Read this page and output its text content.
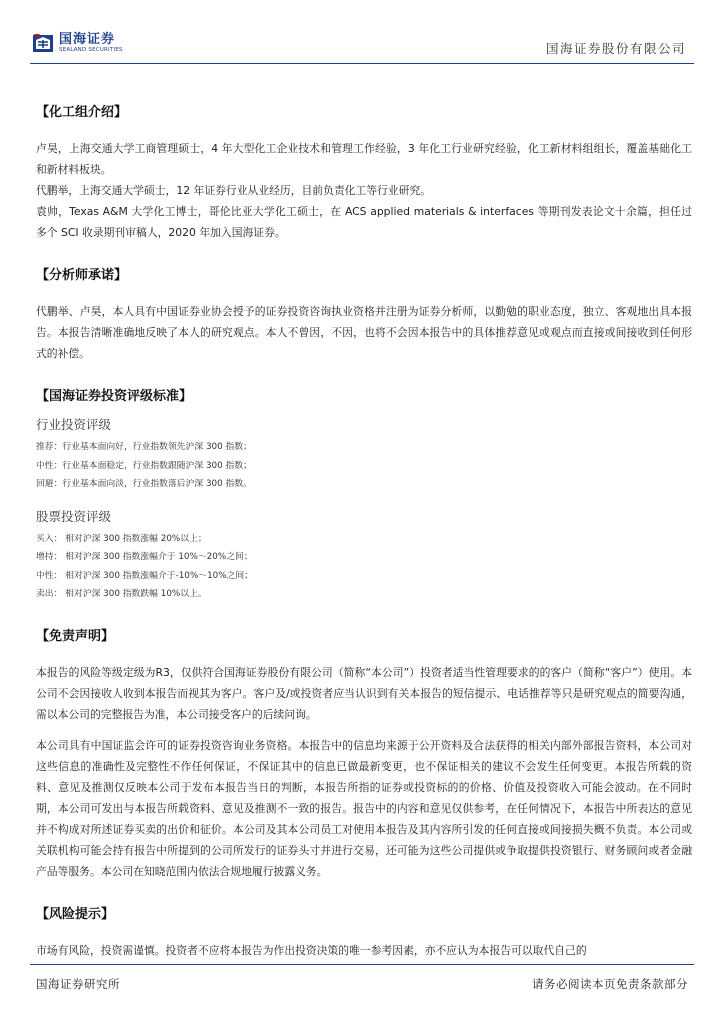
国海证券
SEALAND SECURITIES	国海证券股份有限公司
【化工组介绍】

卢昊，上海交通大学工商管理硕士，4 年大型化工企业技术和管理工作经验，3 年化工行业研究经验，化工新材料组组长，覆盖基础化工和新材料板块。

代鹏举，上海交通大学硕士，12 年证券行业从业经历，目前负责化工等行业研究。

袁帅，Texas A&M 大学化工博士，哥伦比亚大学化工硕士，在 ACS applied materials & interfaces 等期刊发表论文十余篇，担任过多个 SCI 收录期刊审稿人，2020 年加入国海证券。

【分析师承诺】

代鹏举、卢昊，本人具有中国证券业协会授予的证券投资咨询执业资格并注册为证券分析师，以勤勉的职业态度，独立、客观地出具本报告。本报告清晰准确地反映了本人的研究观点。本人不曾因，不因，也将不会因本报告中的具体推荐意见或观点而直接或间接收到任何形式的补偿。

【国海证券投资评级标准】
行业投资评级
推荐：行业基本面向好，行业指数领先沪深 300 指数；
中性：行业基本面稳定，行业指数跟随沪深 300 指数；
回避：行业基本面向淡，行业指数落后沪深 300 指数。
股票投资评级
买入： 相对沪深 300 指数涨幅 20%以上；
增持： 相对沪深 300 指数涨幅介于 10%～20%之间；
中性： 相对沪深 300 指数涨幅介于-10%～10%之间；
卖出： 相对沪深 300 指数跌幅 10%以上。
【免责声明】

本报告的风险等级定级为R3，仅供符合国海证券股份有限公司（简称“本公司”）投资者适当性管理要求的的客户（简称“客户”）使用。本公司不会因接收人收到本报告而视其为客户。客户及/或投资者应当认识到有关本报告的短信提示、电话推荐等只是研究观点的简要沟通，需以本公司的完整报告为准，本公司接受客户的后续问询。

本公司具有中国证监会许可的证券投资咨询业务资格。本报告中的信息均来源于公开资料及合法获得的相关内部外部报告资料，本公司对这些信息的准确性及完整性不作任何保证，不保证其中的信息已做最新变更，也不保证相关的建议不会发生任何变更。本报告所载的资料、意见及推测仅反映本公司于发布本报告当日的判断，本报告所指的证券或投资标的的价格、价值及投资收入可能会波动。在不同时期，本公司可发出与本报告所载资料、意见及推测不一致的报告。报告中的内容和意见仅供参考，在任何情况下，本报告中所表达的意见并不构成对所述证券买卖的出价和征价。本公司及其本公司员工对使用本报告及其内容所引发的任何直接或间接损失概不负责。本公司或关联机构可能会持有报告中所提到的公司所发行的证券头寸并进行交易，还可能为这些公司提供或争取提供投资银行、财务顾问或者金融产品等服务。本公司在知晓范围内依法合规地履行披露义务。

【风险提示】

市场有风险，投资需谨慎。投资者不应将本报告为作出投资决策的唯一参考因素，亦不应认为本报告可以取代自己的

国海证券研究所	请务必阅读本页免责条款部分
